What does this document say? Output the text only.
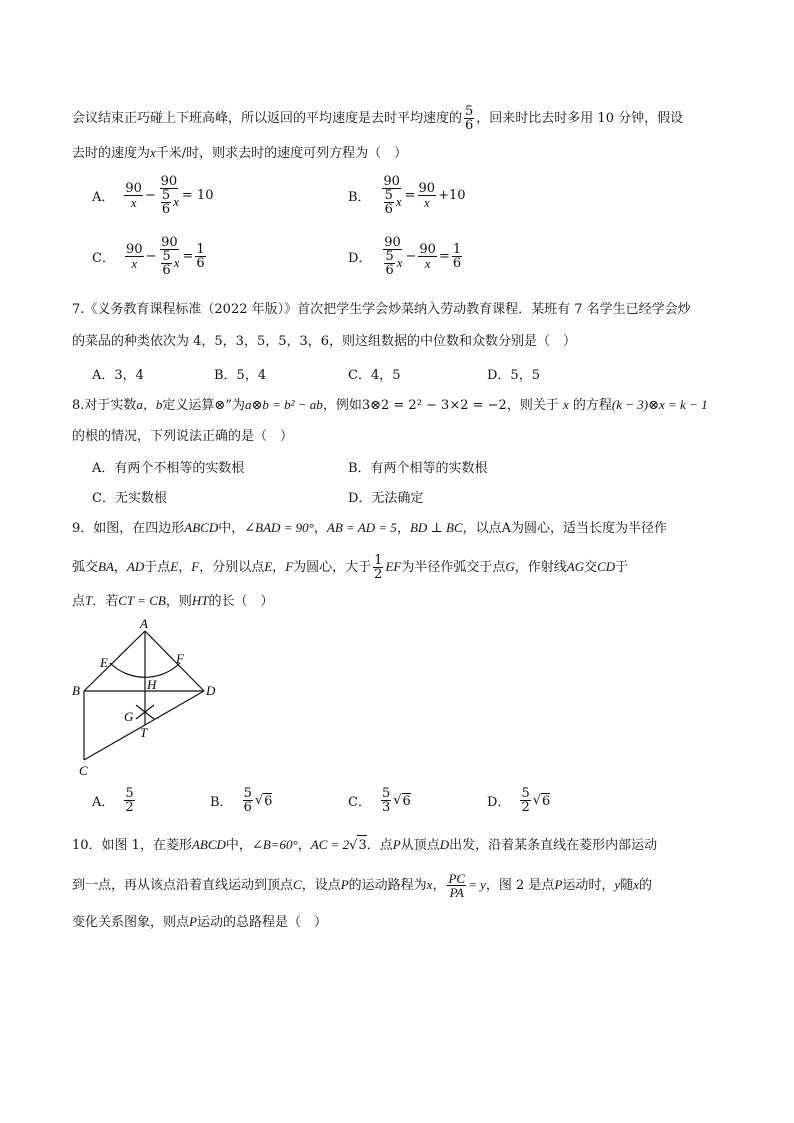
会议结束正巧碰上下班高峰，所以返回的平均速度是去时平均速度的 $\frac{5}{6}$ ，回来时比去时多用 10 分钟，假设
去时的速度为x千米/时，则求去时的速度可列方程为（　）
A． $\frac{90}{x} - \frac{90}{\frac{5}{6} x} = 10$	B． $\frac{90}{\frac{5}{6} x} = \frac{90}{x} +10$
C． $\frac{90}{x} - \frac{90}{\frac{5}{6} x} = \frac{1}{6}$	D． $\frac{90}{\frac{5}{6} x} - \frac{90}{x} = \frac{1}{6}$
7.《义务教育课程标准（2022 年版）》首次把学生学会炒菜纳入劳动教育课程．某班有 7 名学生已经学会炒
的菜品的种类依次为 4，5，3，5，5，3，6，则这组数据的中位数和众数分别是（　）
A．3，4	B．5，4	C．4，5	D．5，5
8.对于实数a，b定义运算⊗”为a⊗b = b² − ab，例如3⊗2 = 2² − 3×2 = −2，则关于 x 的方程(k − 3)⊗x = k − 1
的根的情况，下列说法正确的是（　）
A．有两个不相等的实数根	B．有两个相等的实数根
C．无实数根	D．无法确定
9．如图，在四边形ABCD中，∠BAD = 90°，AB = AD = 5，BD ⊥ BC，以点A为圆心，适当长度为半径作
弧交BA，AD于点E，F，分别以点E，F为圆心，大于 $\frac{1}{2}$ EF为半径作弧交于点G，作射线AG交CD于
点T．若CT = CB，则HT的长（　）
A
B
C
D
E	F
H
G
T
A． $\frac{5}{2}$	B． $\frac{5}{6}$ √ 6	C． $\frac{5}{3}$ √ 6	D． $\frac{5}{2}$ √ 6
10．如图 1，在菱形ABCD中，∠B=60°，AC = 2√3．点P从顶点D出发，沿着某条直线在菱形内部运动
到一点，再从该点沿着直线运动到顶点C，设点P的运动路程为x， $\frac{PC}{PA} = y$，图 2 是点P运动时，y随x的
变化关系图象，则点P运动的总路程是（　）
